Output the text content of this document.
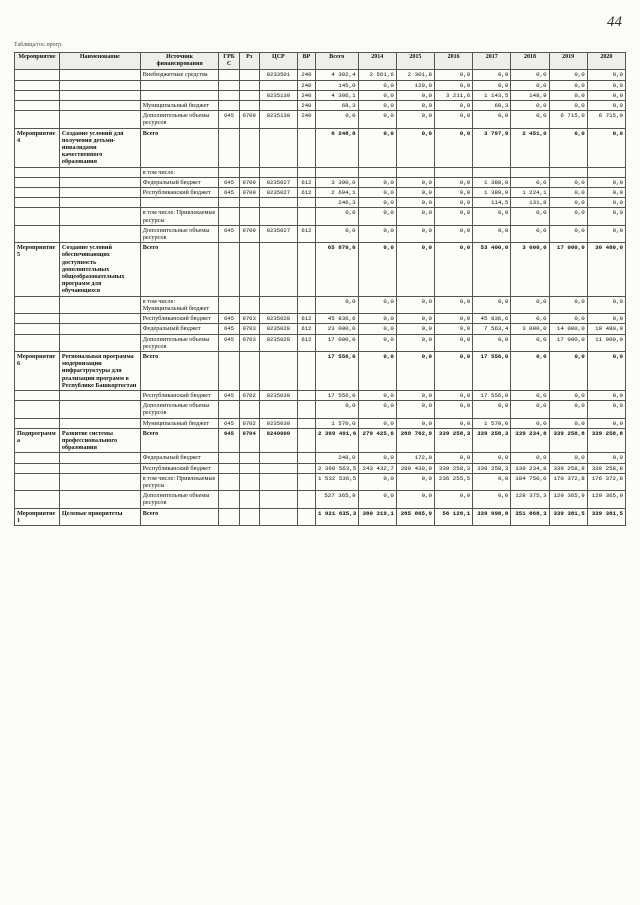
44
Таблица/гос.прогр.
Мероприятие	Наименование	Источник финансирования	ГРБС	Рз	ЦСР	ВР	Всего	2014	2015	2016	2017	2018	2019	2020
		Внебюджетные средства			02З3501	240	4 302,4	2 561,6	2 301,8	0,0	0,0	0,0	0,0	0,0
						240	145,0	0,0	120,0	0,0	0,0	0,0	0,0	0,0
					0235130	240	4 306,1	0,0	0,0	3 211,6	1 143,5	148,9	0,0	0,0
		Муниципальный бюджет				240	68,3	0,0	0,0	0,0	68,3	0,0	0,0	0,0
		Дополнительные объемы ресурсов	645	0709	0235130	240	0,0	0,0	0,0	0,0	0,0	0,0	6 715,0	6 715,0
Мероприятие 4	Создание условий для получения детьми-инвалидами качественного образования	Всего					6 248,8	0,0	0,0	0,0	3 797,9	2 451,0	0,0	0,0
		в том числе:												
		Федеральный бюджет	645	0709	0235027	612	3 390,0	0,0	0,0	0,0	1 380,0	0,0	0,0	0,0
		Республиканский бюджет	645	0709	0235027	612	2 604,1	0,0	0,0	0,0	1 380,0	1 224,1	0,0	0,0
							246,3	0,0	0,0	0,0	114,5	131,8	0,0	0,0
		в том числе: Привлекаемые ресурсы					0,0	0,0	0,0	0,0	0,0	0,0	0,0	0,0
		Дополнительные объемы ресурсов	645	0709	0235027	612	0,0	0,0	0,0	0,0	0,0	0,0	0,0	0,0
Мероприятие 5	Создание условий обеспечивающих доступность дополнительных общеобразовательных программ для обучающихся	Всего					65 870,0	0,0	0,0	0,0	53 400,0	3 000,0	17 000,0	30 480,0
		в том числе: Муниципальный бюджет					0,0	0,0	0,0	0,0	0,0	0,0	0,0	0,0
		Республиканский бюджет	645	0703	0235028	612	45 836,6	0,0	0,0	0,0	45 836,6	0,0	0,0	0,0
		Федеральный бюджет	645	0703	0235028	612	23 000,0	0,0	0,0	0,0	7 563,4	3 000,0	14 000,0	19 480,0
		Дополнительные объемы ресурсов	645	0703	0235028	612	17 000,0	0,0	0,0	0,0	0,0	0,0	17 000,0	11 000,0
Мероприятие 6	Региональная программа модернизации инфраструктуры для реализации программ в Республике Башкортостан	Всего					17 556,0	0,0	0,0	0,0	17 556,0	0,0	0,0	0,0
		Республиканский бюджет	645	0702	0235030		17 556,0	0,0	0,0	0,0	17 556,0	0,0	0,0	0,0
		Дополнительные объемы ресурсов					0,0	0,0	0,0	0,0	0,0	0,0	0,0	0,0
		Муниципальный бюджет	645	0702	0235030		1 570,0	0,0	0,0	0,0	1 570,0	0,0	0,0	0,0
Подпрограмма	Развитие системы профессионального образования	Всего	645	0704	0240000		2 369 491,6	279 425,6	289 762,9	339 258,3	339 258,3	339 234,8	339 258,8	339 258,8
		Федеральный бюджет					248,0	0,0	172,0	0,0	0,0	0,0	0,0	0,0
		Республиканский бюджет					2 360 563,5	243 432,7	289 430,0	339 258,3	339 258,3	339 234,8	339 258,8	339 258,8
		в том числе: Привлекаемые ресурсы					1 532 536,5	0,0	0,0	236 255,5	0,0	184 750,0	170 372,8	176 372,8
		Дополнительные объемы ресурсов					527 365,9	0,0	0,0	0,0	0,0	128 375,3	129 365,9	129 365,9
Мероприятие 1	Целевые приоритеты	Всего					1 921 635,3	380 319,1	285 865,9	56 128,1	339 998,8	351 868,3	339 381,5	339 381,5
